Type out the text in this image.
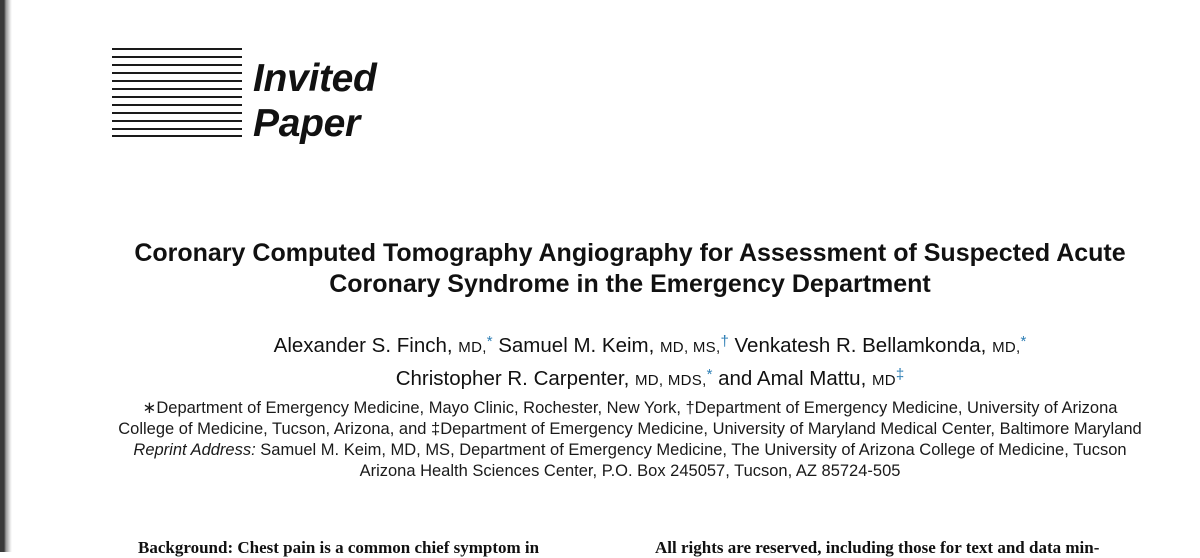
Invited
Paper
Coronary Computed Tomography Angiography for Assessment of Suspected Acute
Coronary Syndrome in the Emergency Department
Alexander S. Finch, MD,* Samuel M. Keim, MD, MS,† Venkatesh R. Bellamkonda, MD,*
Christopher R. Carpenter, MD, MDS,* and Amal Mattu, MD‡
∗Department of Emergency Medicine, Mayo Clinic, Rochester, New York, †Department of Emergency Medicine, University of Arizona
College of Medicine, Tucson, Arizona, and ‡Department of Emergency Medicine, University of Maryland Medical Center, Baltimore Maryland
Reprint Address: Samuel M. Keim, MD, MS, Department of Emergency Medicine, The University of Arizona College of Medicine, Tucson
Arizona Health Sciences Center, P.O. Box 245057, Tucson, AZ 85724-505
Background: Chest pain is a common chief symptom in	All rights are reserved, including those for text and data min-
